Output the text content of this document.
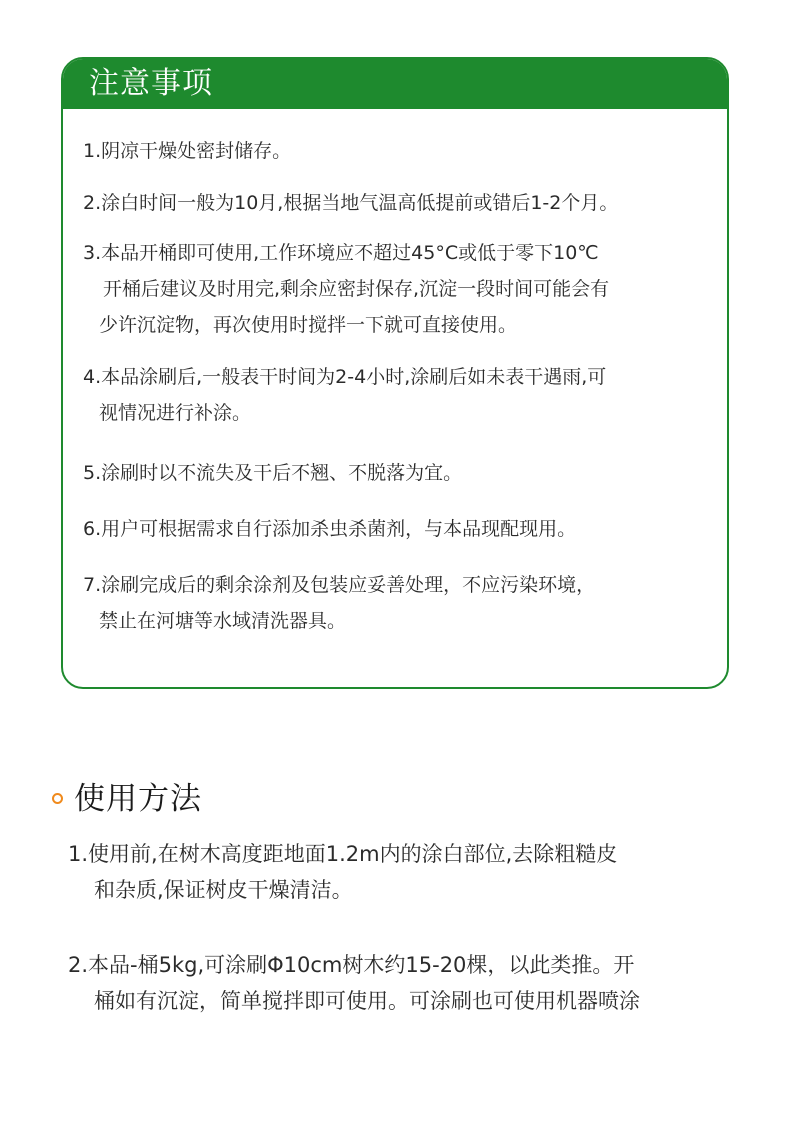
注意事项
1.阴凉干燥处密封储存。
2.涂白时间一般为10月,根据当地气温高低提前或错后1-2个月。
3.本品开桶即可使用,工作环境应不超过45°C或低于零下10℃
开桶后建议及时用完,剩余应密封保存,沉淀一段时间可能会有
少许沉淀物，再次使用时搅拌一下就可直接使用。
4.本品涂刷后,一般表干时间为2-4小时,涂刷后如未表干遇雨,可
视情况进行补涂。
5.涂刷时以不流失及干后不翘、不脱落为宜。
6.用户可根据需求自行添加杀虫杀菌剂，与本品现配现用。
7.涂刷完成后的剩余涂剂及包装应妥善处理，不应污染环境，
禁止在河塘等水域清洗器具。
使用方法
1.使用前,在树木高度距地面1.2m内的涂白部位,去除粗糙皮
和杂质,保证树皮干燥清洁。
2.本品-桶5kg,可涂刷Φ10cm树木约15-20棵，以此类推。开
桶如有沉淀，简单搅拌即可使用。可涂刷也可使用机器喷涂
